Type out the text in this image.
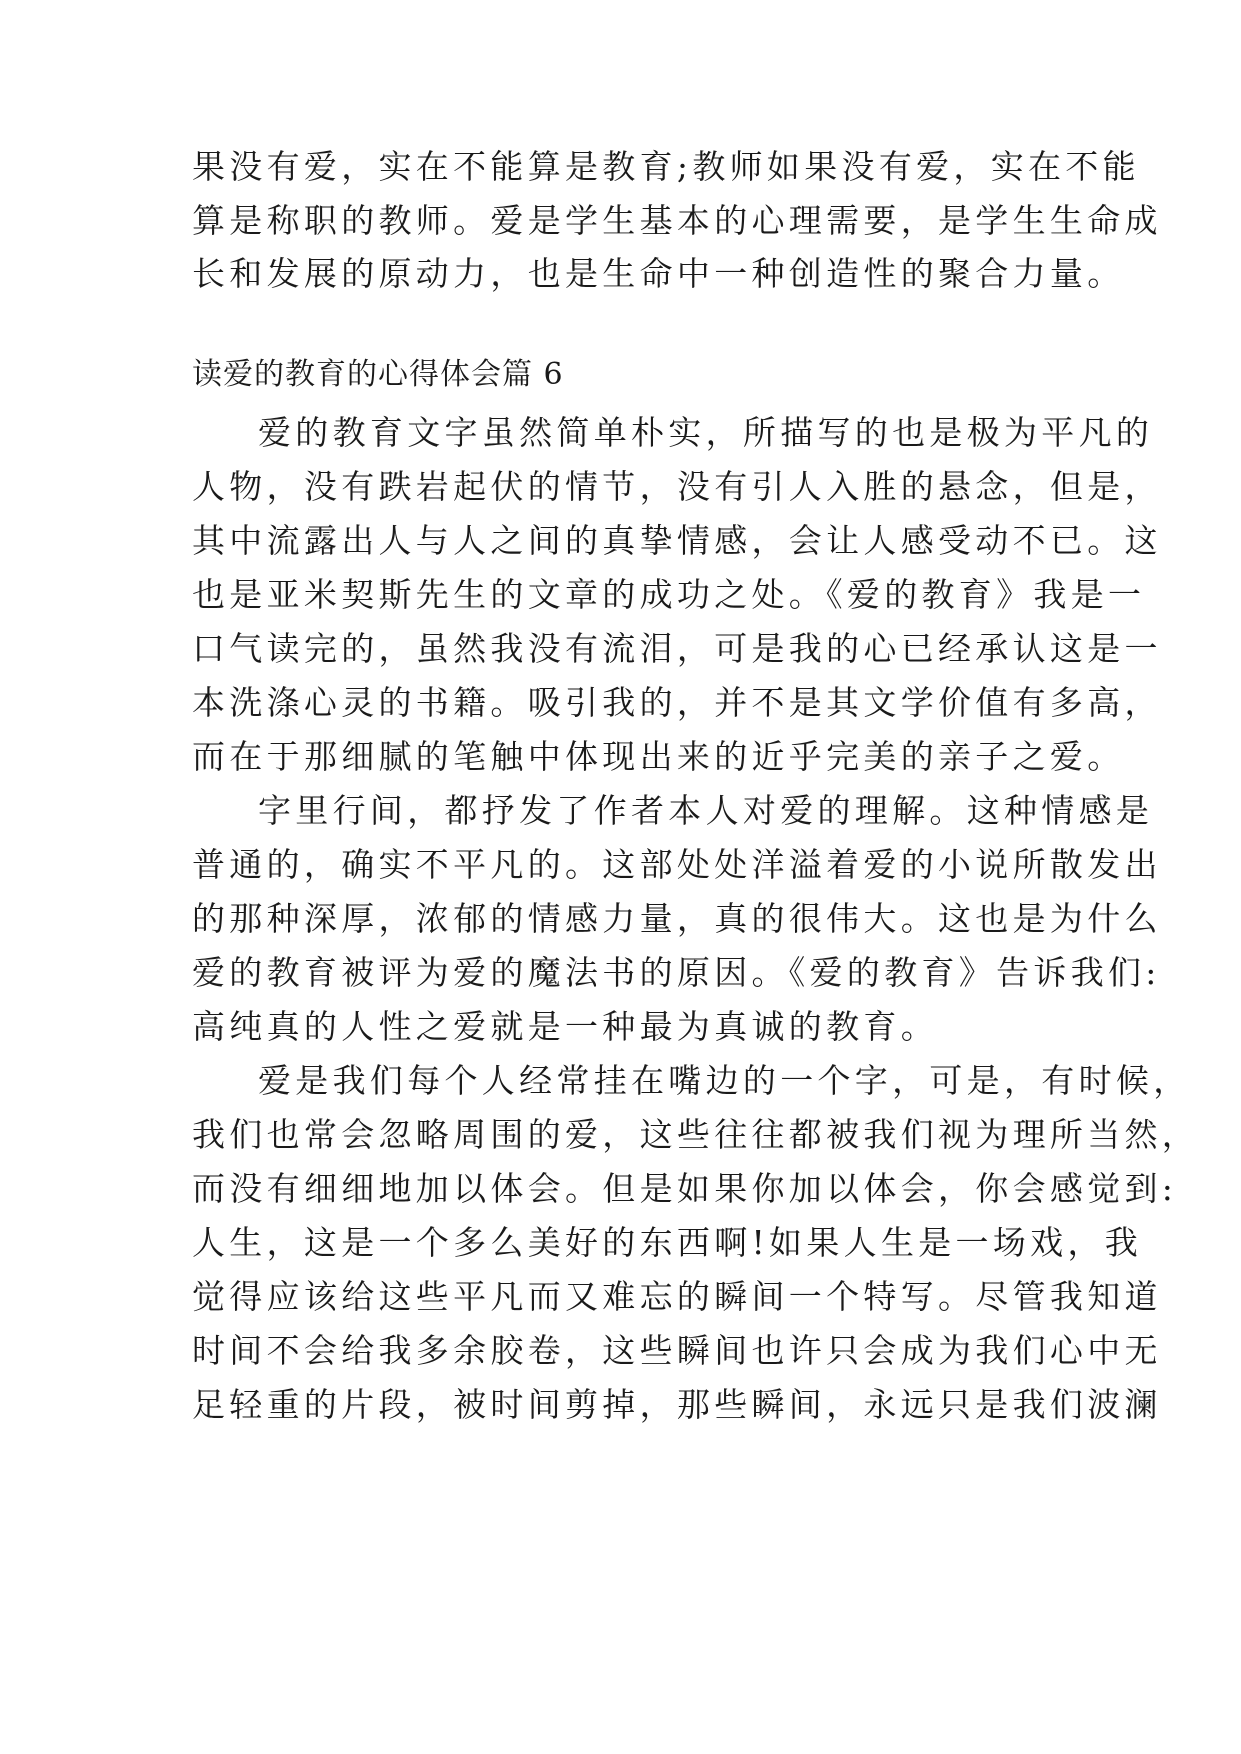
果没有爱，实在不能算是教育;教师如果没有爱，实在不能
算是称职的教师。爱是学生基本的心理需要，是学生生命成
长和发展的原动力，也是生命中一种创造性的聚合力量。
读爱的教育的心得体会篇 6
爱的教育文字虽然简单朴实，所描写的也是极为平凡的
人物，没有跌岩起伏的情节，没有引人入胜的悬念，但是，
其中流露出人与人之间的真挚情感，会让人感受动不已。这
也是亚米契斯先生的文章的成功之处。《爱的教育》我是一
口气读完的，虽然我没有流泪，可是我的心已经承认这是一
本洗涤心灵的书籍。吸引我的，并不是其文学价值有多高，
而在于那细腻的笔触中体现出来的近乎完美的亲子之爱。
字里行间，都抒发了作者本人对爱的理解。这种情感是
普通的，确实不平凡的。这部处处洋溢着爱的小说所散发出
的那种深厚，浓郁的情感力量，真的很伟大。这也是为什么
爱的教育被评为爱的魔法书的原因。《爱的教育》告诉我们:
高纯真的人性之爱就是一种最为真诚的教育。
爱是我们每个人经常挂在嘴边的一个字，可是，有时候，
我们也常会忽略周围的爱，这些往往都被我们视为理所当然，
而没有细细地加以体会。但是如果你加以体会，你会感觉到:
人生，这是一个多么美好的东西啊!如果人生是一场戏，我
觉得应该给这些平凡而又难忘的瞬间一个特写。尽管我知道
时间不会给我多余胶卷，这些瞬间也许只会成为我们心中无
足轻重的片段，被时间剪掉，那些瞬间，永远只是我们波澜
